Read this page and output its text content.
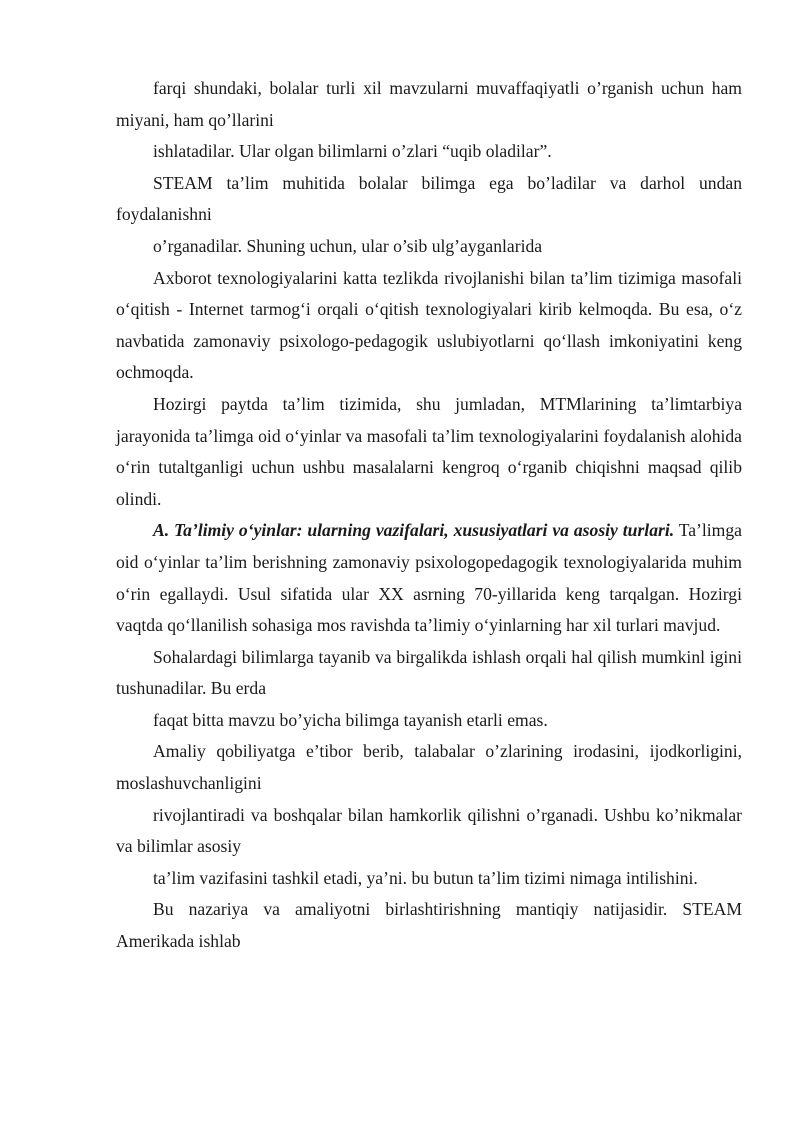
farqi shundaki, bolalar turli xil mavzularni muvaffaqiyatli o’rganish uchun ham miyani, ham qo’llarini

ishlatadilar. Ular olgan bilimlarni o’zlari “uqib oladilar”.

STEAM ta’lim muhitida bolalar bilimga ega bo’ladilar va darhol undan foydalanishni

o’rganadilar. Shuning uchun, ular o’sib ulg’ayganlarida

Axborot texnologiyalarini katta tezlikda rivojlanishi bilan ta’lim tizimiga masofali o‘qitish - Internet tarmog‘i orqali o‘qitish texnologiyalari kirib kelmoqda. Bu esa, o‘z navbatida zamonaviy psixologo-pedagogik uslubiyotlarni qo‘llash imkoniyatini keng ochmoqda.

Hozirgi paytda ta’lim tizimida, shu jumladan, MTMlarining ta’limtarbiya jarayonida ta’limga oid o‘yinlar va masofali ta’lim texnologiyalarini foydalanish alohida o‘rin tutaltganligi uchun ushbu masalalarni kengroq o‘rganib chiqishni maqsad qilib olindi.

A. Ta’limiy o‘yinlar: ularning vazifalari, xususiyatlari va asosiy turlari. Ta’limga oid o‘yinlar ta’lim berishning zamonaviy psixologopedagogik texnologiyalarida muhim o‘rin egallaydi. Usul sifatida ular XX asrning 70-yillarida keng tarqalgan. Hozirgi vaqtda qo‘llanilish sohasiga mos ravishda ta’limiy o‘yinlarning har xil turlari mavjud.

Sohalardagi bilimlarga tayanib va birgalikda ishlash orqali hal qilish mumkinl igini tushunadilar. Bu erda

faqat bitta mavzu bo’yicha bilimga tayanish etarli emas.

Amaliy qobiliyatga e’tibor berib, talabalar o’zlarining irodasini, ijodkorligini, moslashuvchanligini

rivojlantiradi va boshqalar bilan hamkorlik qilishni o’rganadi. Ushbu ko’nikmalar va bilimlar asosiy

ta’lim vazifasini tashkil etadi, ya’ni. bu butun ta’lim tizimi nimaga intilishini.

Bu nazariya va amaliyotni birlashtirishning mantiqiy natijasidir. STEAM Amerikada ishlab
